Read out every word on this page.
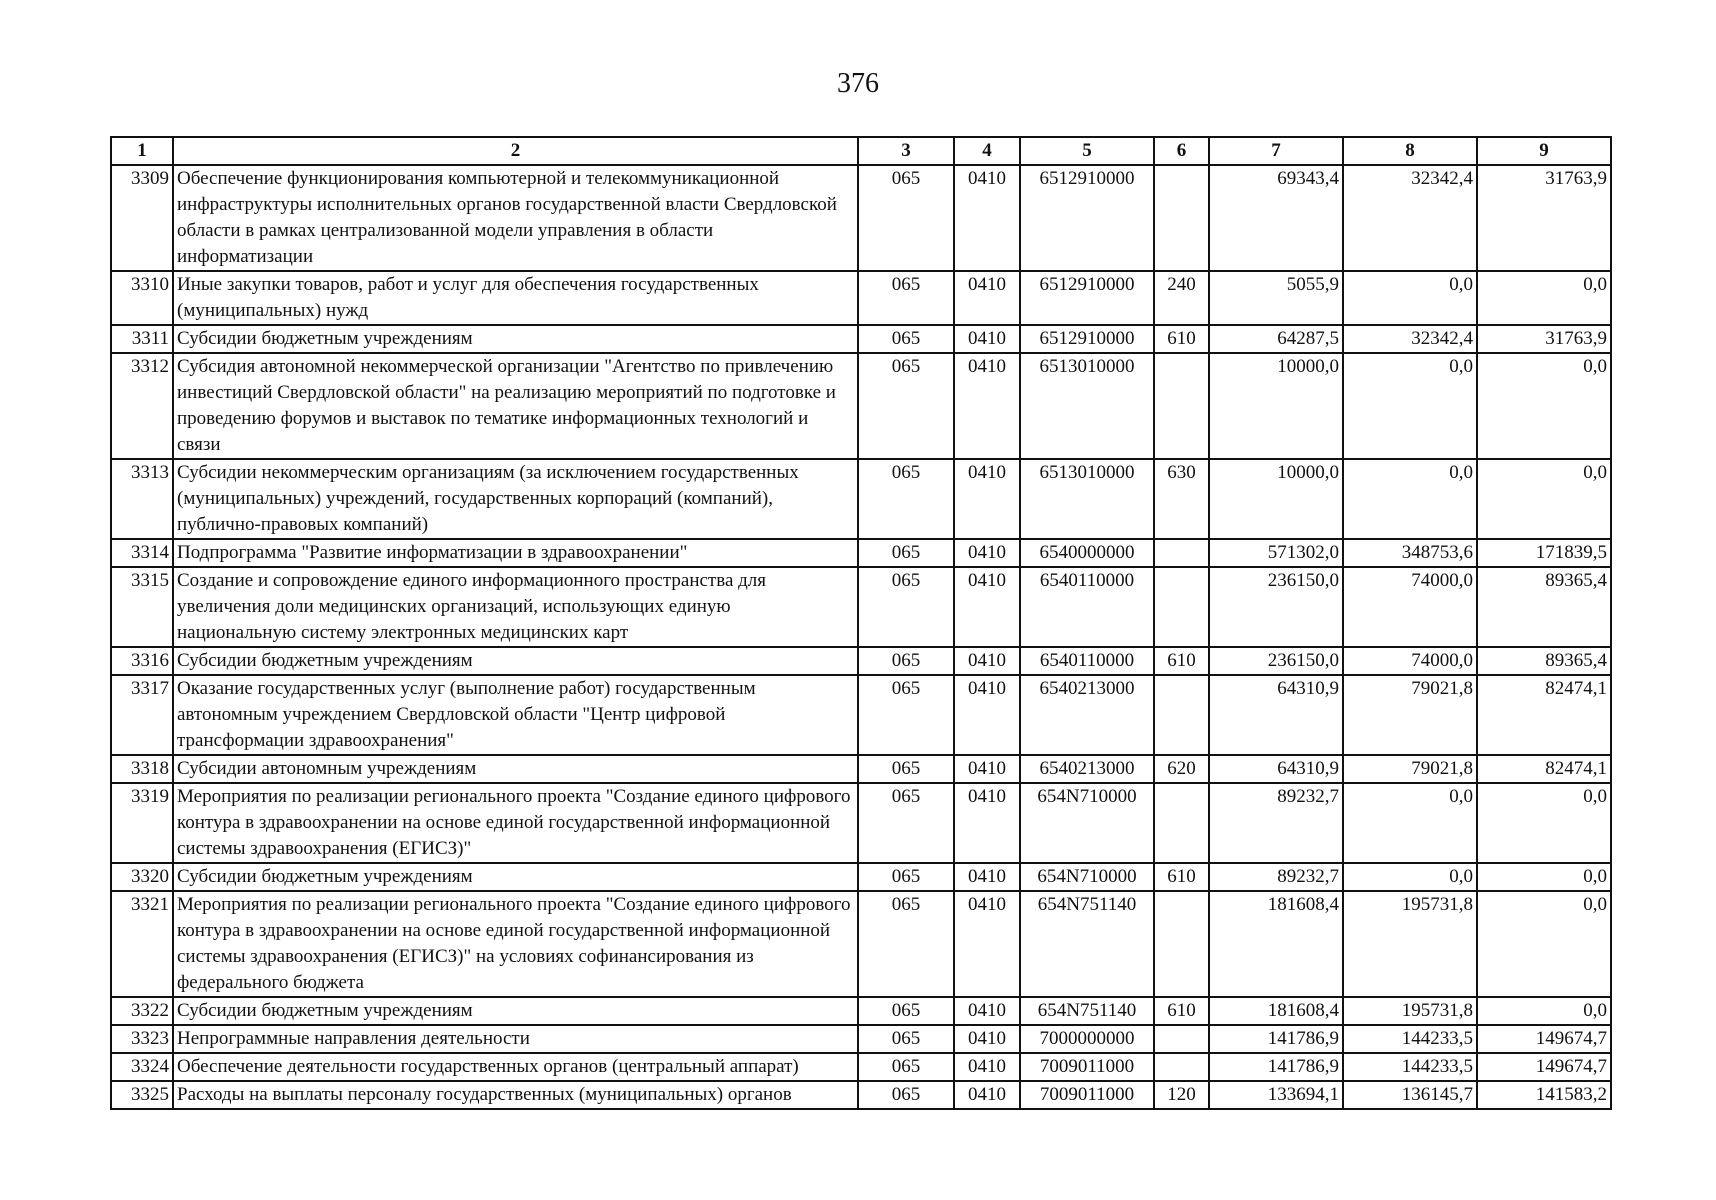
376
1	2	3	4	5	6	7	8	9
3309	Обеспечение функционирования компьютерной и телекоммуникационной инфраструктуры исполнительных органов государственной власти Свердловской области в рамках централизованной модели управления в области информатизации	065	0410	6512910000		69343,4	32342,4	31763,9
3310	Иные закупки товаров, работ и услуг для обеспечения государственных (муниципальных) нужд	065	0410	6512910000	240	5055,9	0,0	0,0
3311	Субсидии бюджетным учреждениям	065	0410	6512910000	610	64287,5	32342,4	31763,9
3312	Субсидия автономной некоммерческой организации "Агентство по привлечению инвестиций Свердловской области" на реализацию мероприятий по подготовке и проведению форумов и выставок по тематике информационных технологий и связи	065	0410	6513010000		10000,0	0,0	0,0
3313	Субсидии некоммерческим организациям (за исключением государственных (муниципальных) учреждений, государственных корпораций (компаний), публично-правовых компаний)	065	0410	6513010000	630	10000,0	0,0	0,0
3314	Подпрограмма "Развитие информатизации в здравоохранении"	065	0410	6540000000		571302,0	348753,6	171839,5
3315	Создание и сопровождение единого информационного пространства для увеличения доли медицинских организаций, использующих единую национальную систему электронных медицинских карт	065	0410	6540110000		236150,0	74000,0	89365,4
3316	Субсидии бюджетным учреждениям	065	0410	6540110000	610	236150,0	74000,0	89365,4
3317	Оказание государственных услуг (выполнение работ) государственным автономным учреждением Свердловской области "Центр цифровой трансформации здравоохранения"	065	0410	6540213000		64310,9	79021,8	82474,1
3318	Субсидии автономным учреждениям	065	0410	6540213000	620	64310,9	79021,8	82474,1
3319	Мероприятия по реализации регионального проекта "Создание единого цифрового контура в здравоохранении на основе единой государственной информационной системы здравоохранения (ЕГИСЗ)"	065	0410	654N710000		89232,7	0,0	0,0
3320	Субсидии бюджетным учреждениям	065	0410	654N710000	610	89232,7	0,0	0,0
3321	Мероприятия по реализации регионального проекта "Создание единого цифрового контура в здравоохранении на основе единой государственной информационной системы здравоохранения (ЕГИСЗ)" на условиях софинансирования из федерального бюджета	065	0410	654N751140		181608,4	195731,8	0,0
3322	Субсидии бюджетным учреждениям	065	0410	654N751140	610	181608,4	195731,8	0,0
3323	Непрограммные направления деятельности	065	0410	7000000000		141786,9	144233,5	149674,7
3324	Обеспечение деятельности государственных органов (центральный аппарат)	065	0410	7009011000		141786,9	144233,5	149674,7
3325	Расходы на выплаты персоналу государственных (муниципальных) органов	065	0410	7009011000	120	133694,1	136145,7	141583,2
